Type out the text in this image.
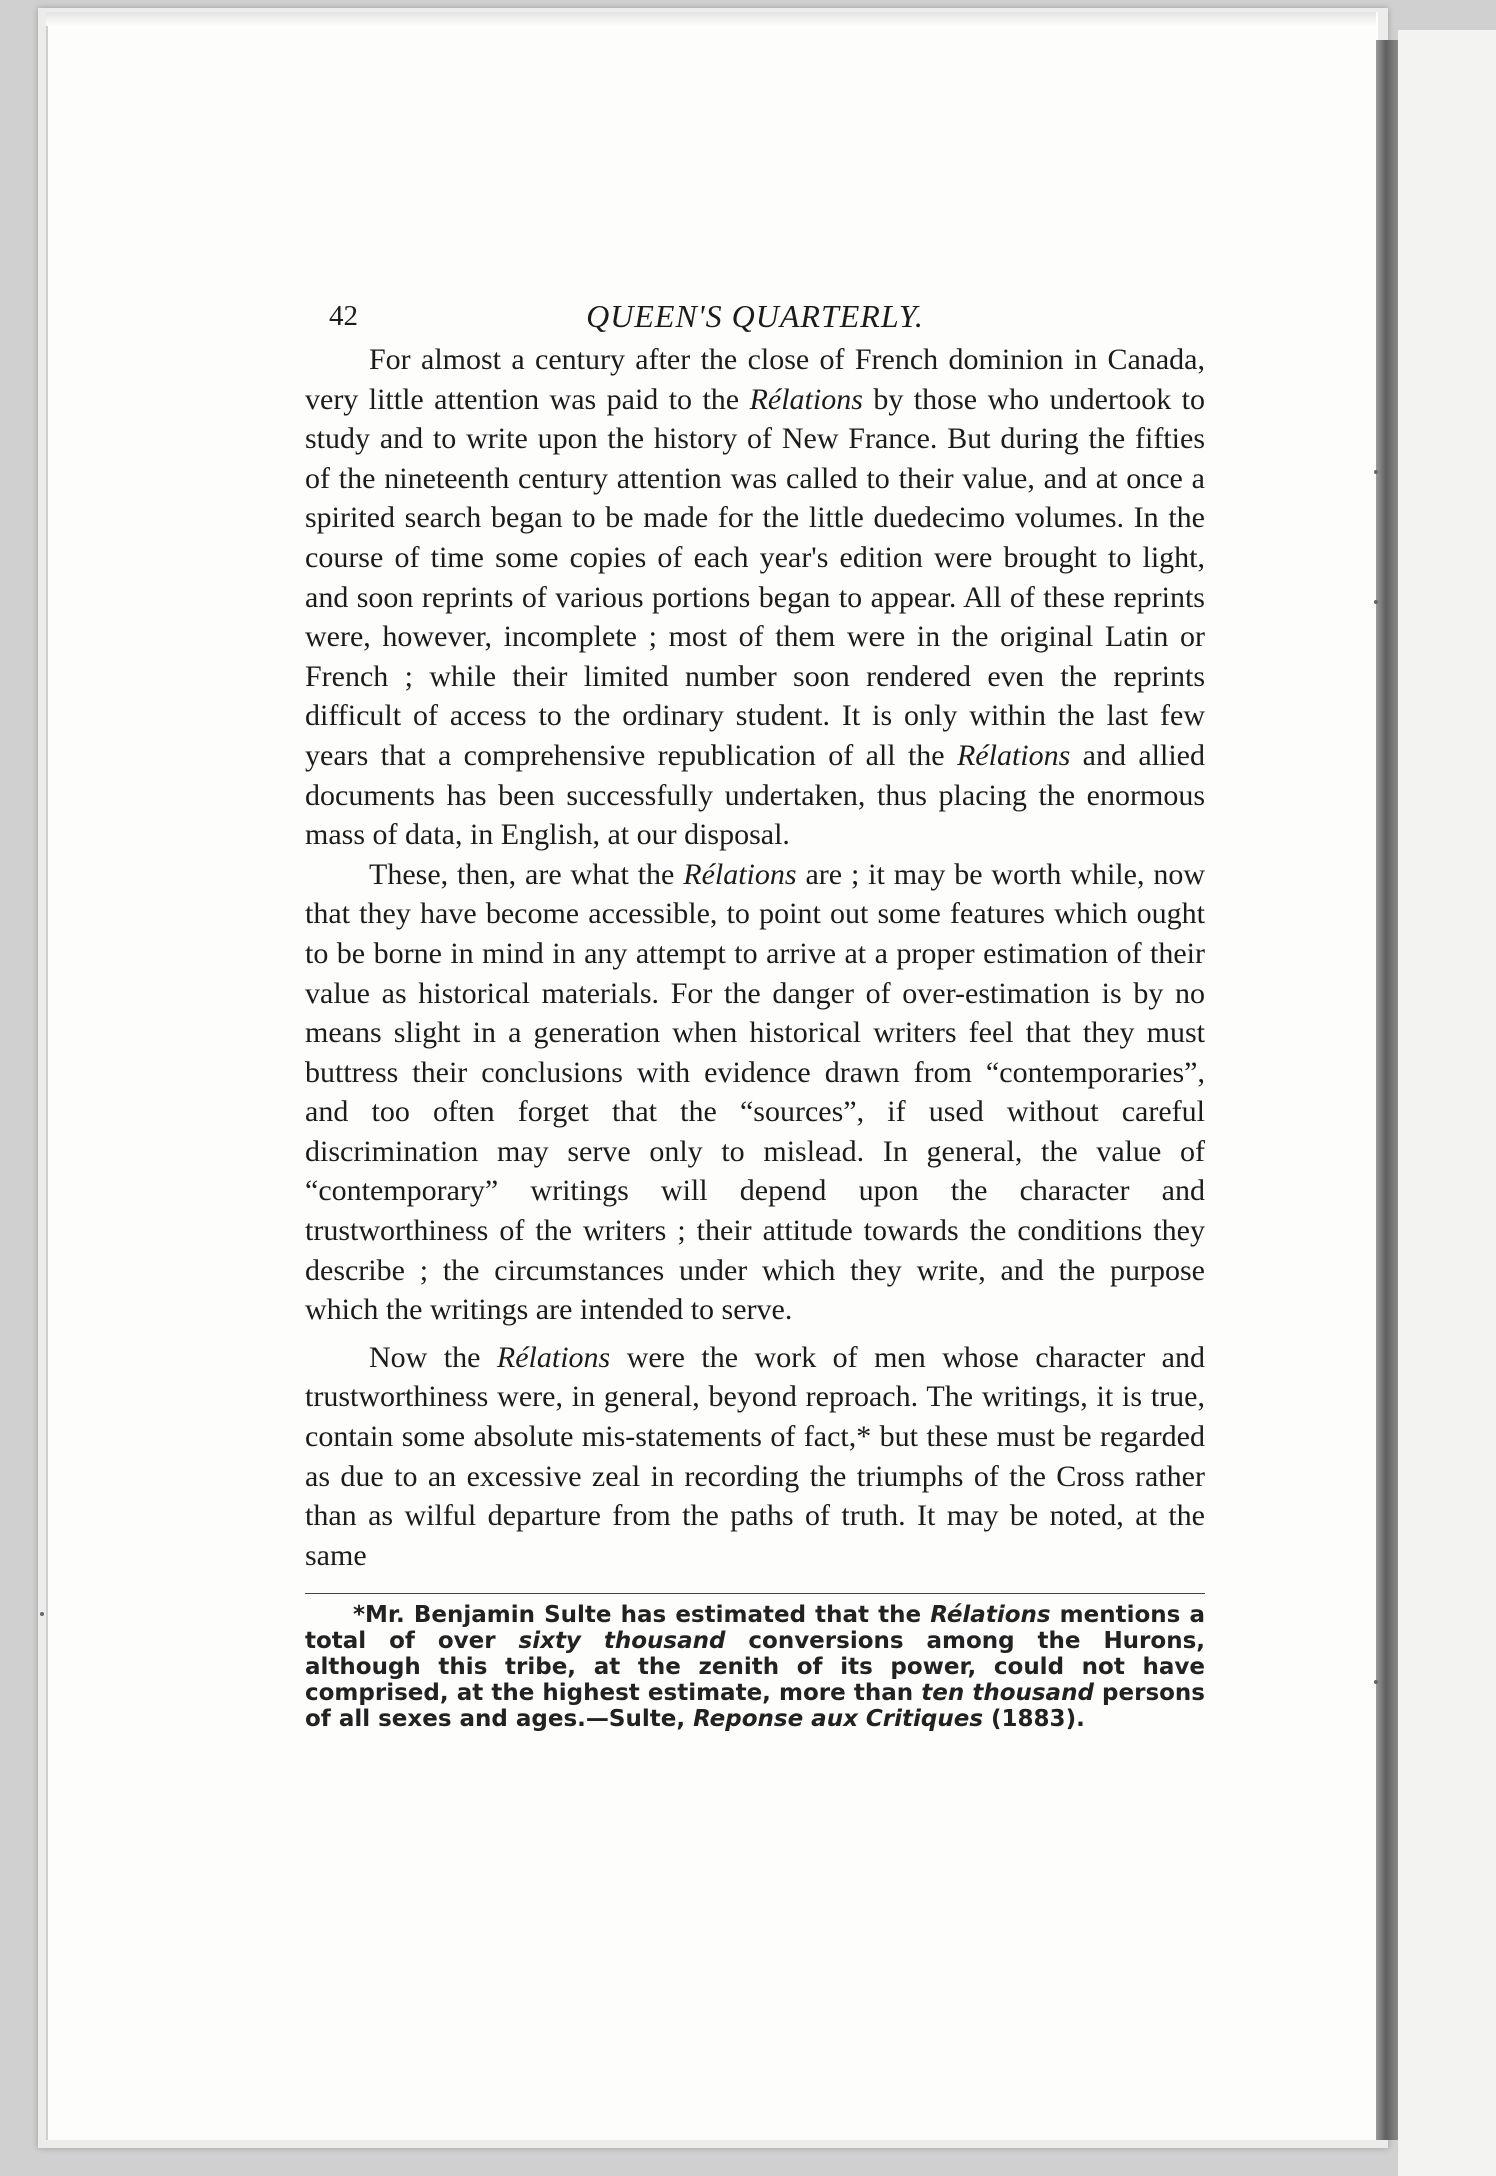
42	QUEEN'S QUARTERLY.

For almost a century after the close of French dominion in Canada, very little attention was paid to the Rélations by those who undertook to study and to write upon the history of New France. But during the fifties of the nineteenth century attention was called to their value, and at once a spirited search began to be made for the little duedecimo volumes. In the course of time some copies of each year's edition were brought to light, and soon reprints of various portions began to appear. All of these reprints were, however, incomplete ; most of them were in the original Latin or French ; while their limited number soon rendered even the reprints difficult of access to the ordinary student. It is only within the last few years that a comprehensive republication of all the Rélations and allied documents has been successfully undertaken, thus placing the enormous mass of data, in English, at our disposal.

These, then, are what the Rélations are ; it may be worth while, now that they have become accessible, to point out some features which ought to be borne in mind in any attempt to arrive at a proper estimation of their value as historical materials. For the danger of over-estimation is by no means slight in a generation when historical writers feel that they must buttress their conclusions with evidence drawn from “contemporaries”, and too often forget that the “sources”, if used without careful discrimination may serve only to mislead. In general, the value of “contemporary” writings will depend upon the character and trustworthiness of the writers ; their attitude towards the conditions they describe ; the circumstances under which they write, and the purpose which the writings are intended to serve.

Now the Rélations were the work of men whose character and trustworthiness were, in general, beyond reproach. The writings, it is true, contain some absolute mis-statements of fact,* but these must be regarded as due to an excessive zeal in recording the triumphs of the Cross rather than as wilful departure from the paths of truth. It may be noted, at the same

*Mr. Benjamin Sulte has estimated that the Rélations mentions a total of over sixty thousand conversions among the Hurons, although this tribe, at the zenith of its power, could not have comprised, at the highest estimate, more than ten thousand persons of all sexes and ages.—Sulte, Reponse aux Critiques (1883).
